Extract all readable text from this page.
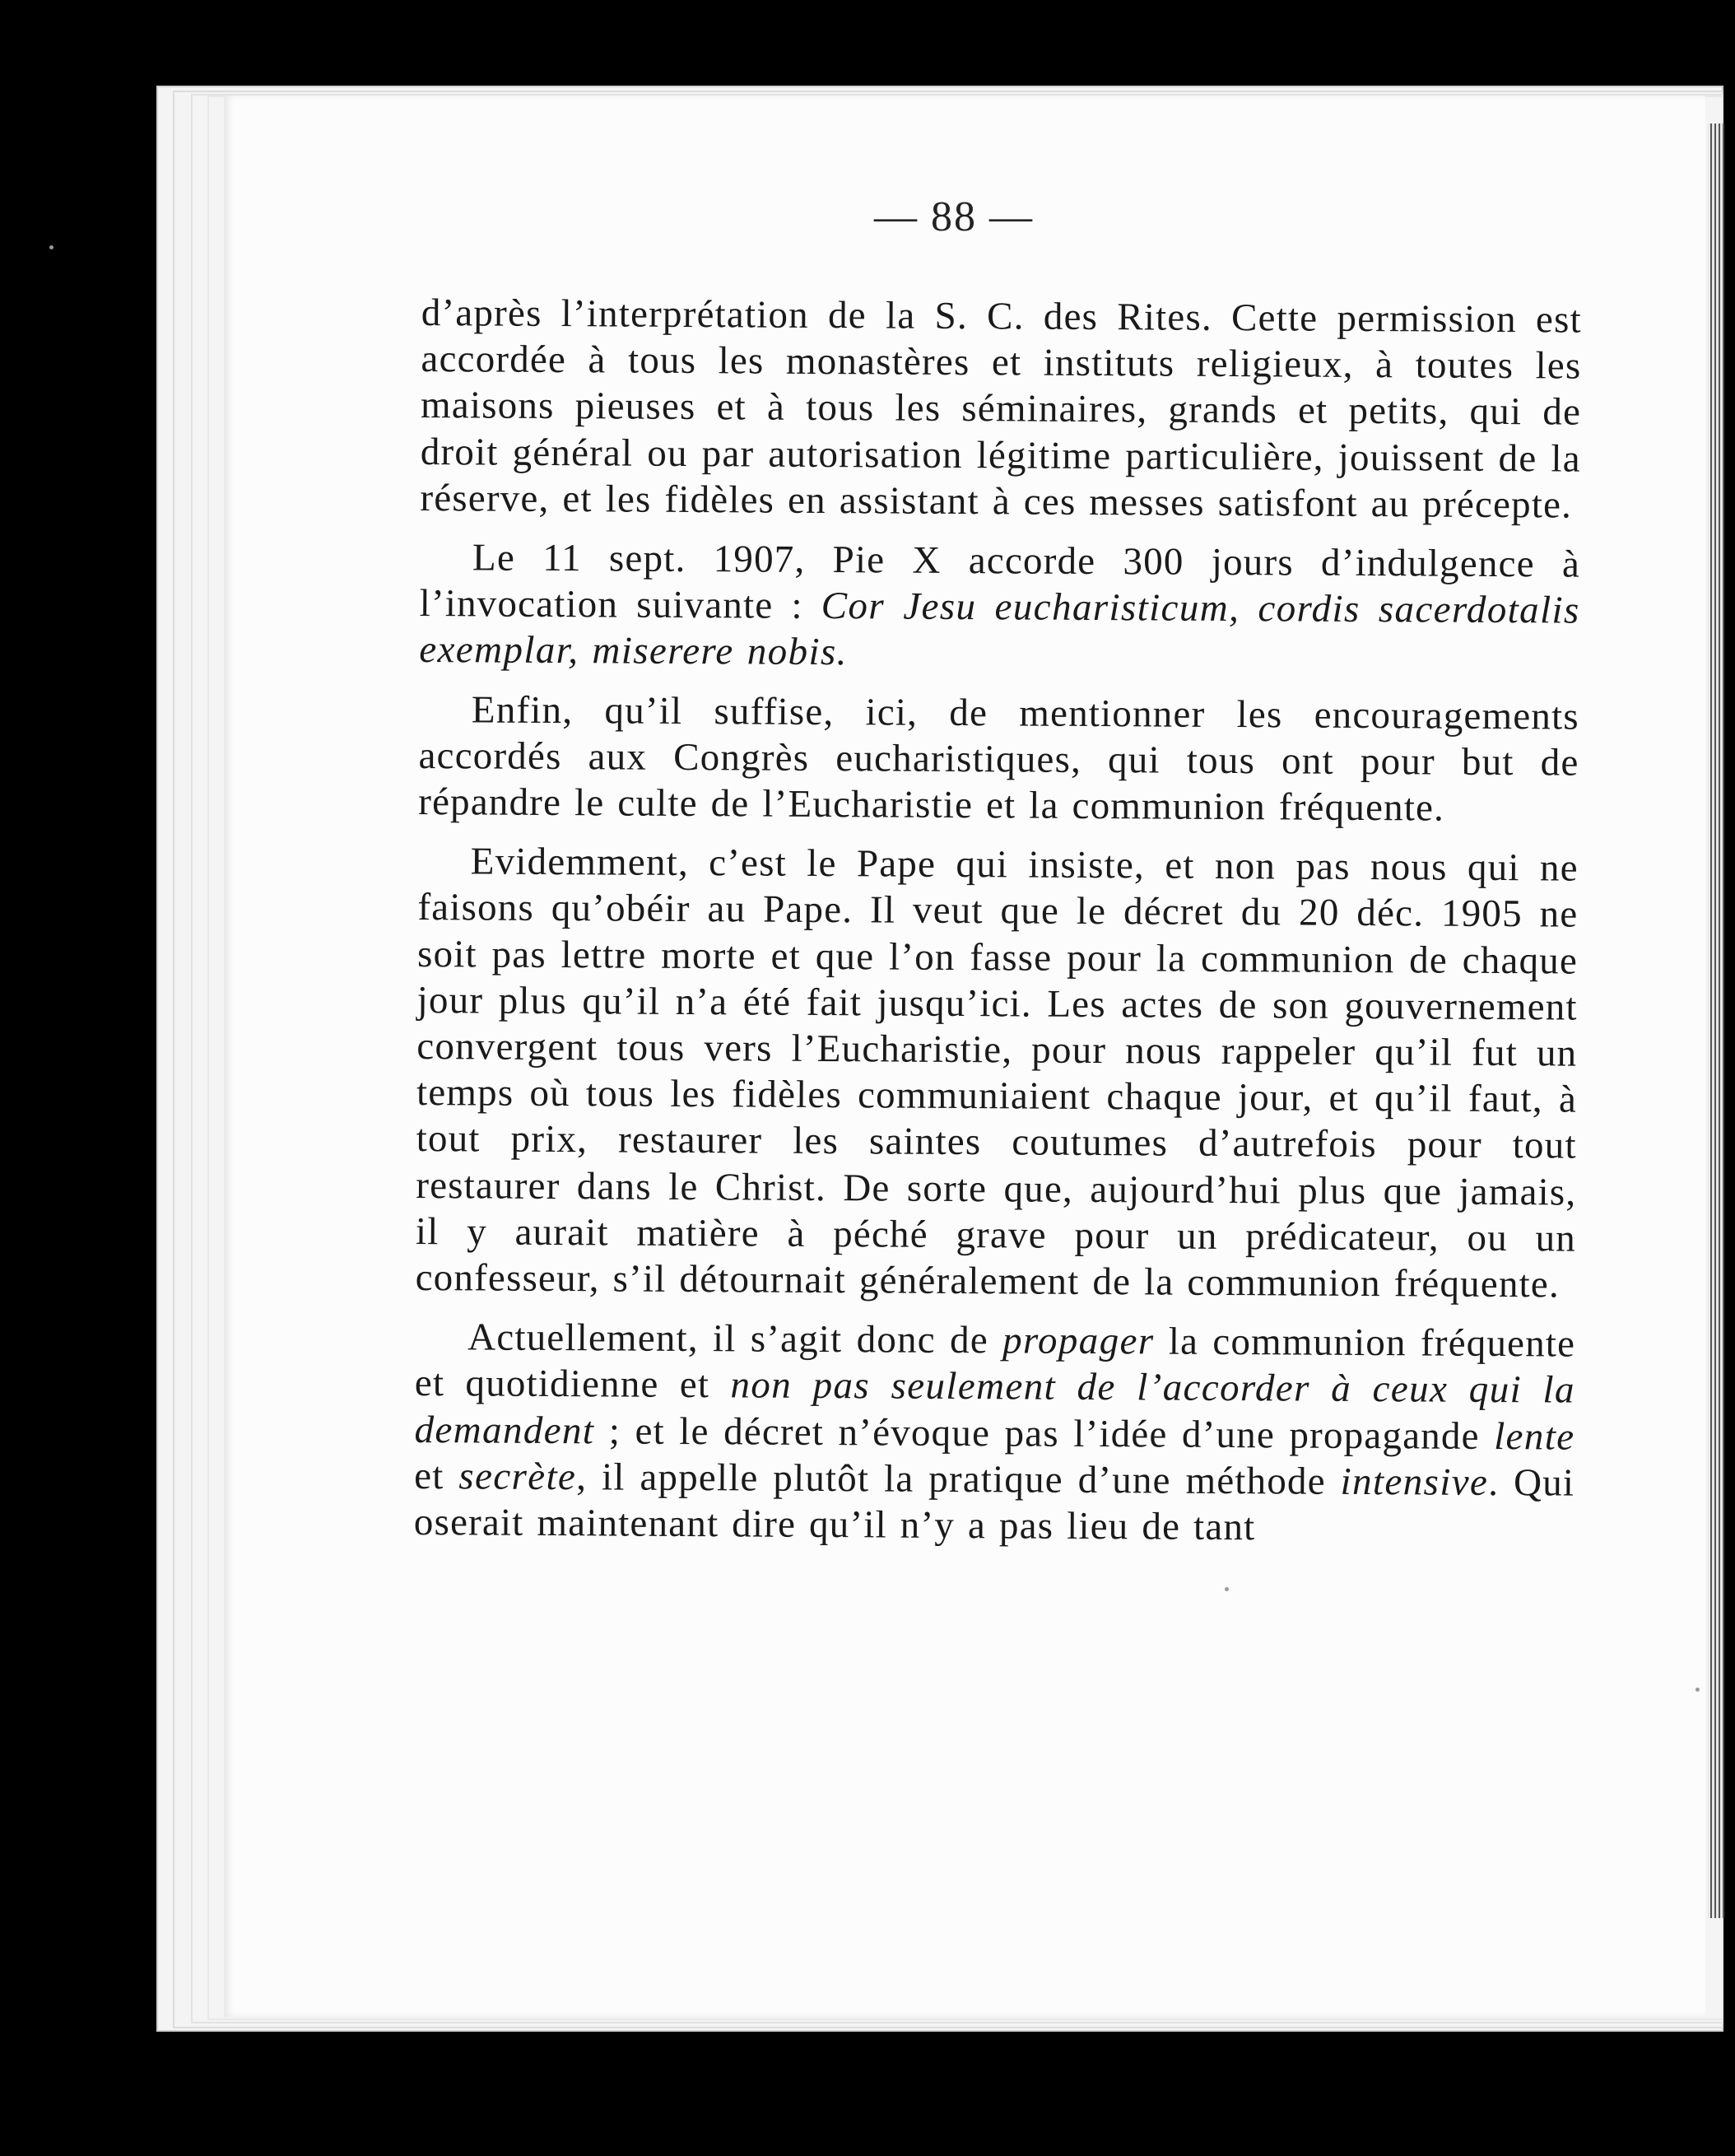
— 88 —

d’après l’interprétation de la S. C. des Rites. Cette permission est accordée à tous les monastères et instituts religieux, à toutes les maisons pieuses et à tous les séminaires, grands et petits, qui de droit général ou par autorisation légitime particulière, jouissent de la réserve, et les fidèles en assistant à ces messes satisfont au précepte.

Le 11 sept. 1907, Pie X accorde 300 jours d’indulgence à l’invocation suivante : Cor Jesu eucharisticum, cordis sacerdotalis exemplar, miserere nobis.

Enfin, qu’il suffise, ici, de mentionner les encouragements accordés aux Congrès eucharistiques, qui tous ont pour but de répandre le culte de l’Eucharistie et la communion fréquente.

Evidemment, c’est le Pape qui insiste, et non pas nous qui ne faisons qu’obéir au Pape. Il veut que le décret du 20 déc. 1905 ne soit pas lettre morte et que l’on fasse pour la communion de chaque jour plus qu’il n’a été fait jusqu’ici. Les actes de son gouvernement convergent tous vers l’Eucharistie, pour nous rappeler qu’il fut un temps où tous les fidèles communiaient chaque jour, et qu’il faut, à tout prix, restaurer les saintes coutumes d’autrefois pour tout restaurer dans le Christ. De sorte que, aujourd’hui plus que jamais, il y aurait matière à péché grave pour un prédicateur, ou un confesseur, s’il détournait généralement de la communion fréquente.

Actuellement, il s’agit donc de propager la communion fréquente et quotidienne et non pas seulement de l’accorder à ceux qui la demandent ; et le décret n’évoque pas l’idée d’une propagande lente et secrète, il appelle plutôt la pratique d’une méthode intensive. Qui oserait maintenant dire qu’il n’y a pas lieu de tant
